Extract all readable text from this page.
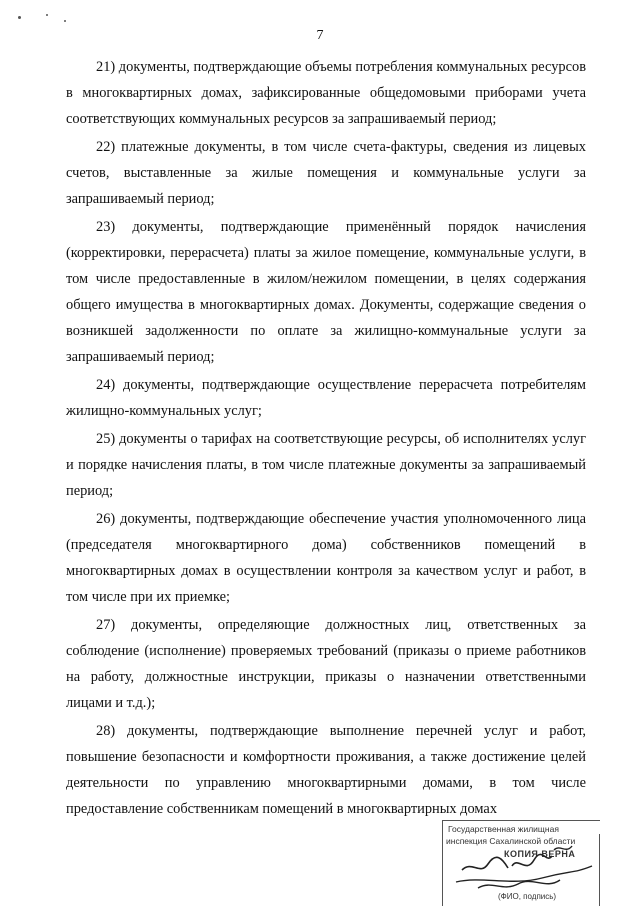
7

21) документы, подтверждающие объемы потребления коммунальных ресурсов в многоквартирных домах, зафиксированные общедомовыми приборами учета соответствующих коммунальных ресурсов за запрашиваемый период;

22) платежные документы, в том числе счета-фактуры, сведения из лицевых счетов, выставленные за жилые помещения и коммунальные услуги за запрашиваемый период;

23) документы, подтверждающие применённый порядок начисления (корректировки, перерасчета) платы за жилое помещение, коммунальные услуги, в том числе предоставленные в жилом/нежилом помещении, в целях содержания общего имущества в многоквартирных домах. Документы, содержащие сведения о возникшей задолженности по оплате за жилищно-коммунальные услуги за запрашиваемый период;

24) документы, подтверждающие осуществление перерасчета потребителям жилищно-коммунальных услуг;

25) документы о тарифах на соответствующие ресурсы, об исполнителях услуг и порядке начисления платы, в том числе платежные документы за запрашиваемый период;

26) документы, подтверждающие обеспечение участия уполномоченного лица (председателя многоквартирного дома) собственников помещений в многоквартирных домах в осуществлении контроля за качеством услуг и работ, в том числе при их приемке;

27) документы, определяющие должностных лиц, ответственных за соблюдение (исполнение) проверяемых требований (приказы о приеме работников на работу, должностные инструкции, приказы о назначении ответственными лицами и т.д.);

28) документы, подтверждающие выполнение перечней услуг и работ, повышение безопасности и комфортности проживания, а также достижение целей деятельности по управлению многоквартирными домами, в том числе предоставление собственникам помещений в многоквартирных домах

Государственная жилищная
инспекция Сахалинской области
КОПИЯ ВЕРНА
(ФИО, подпись)
